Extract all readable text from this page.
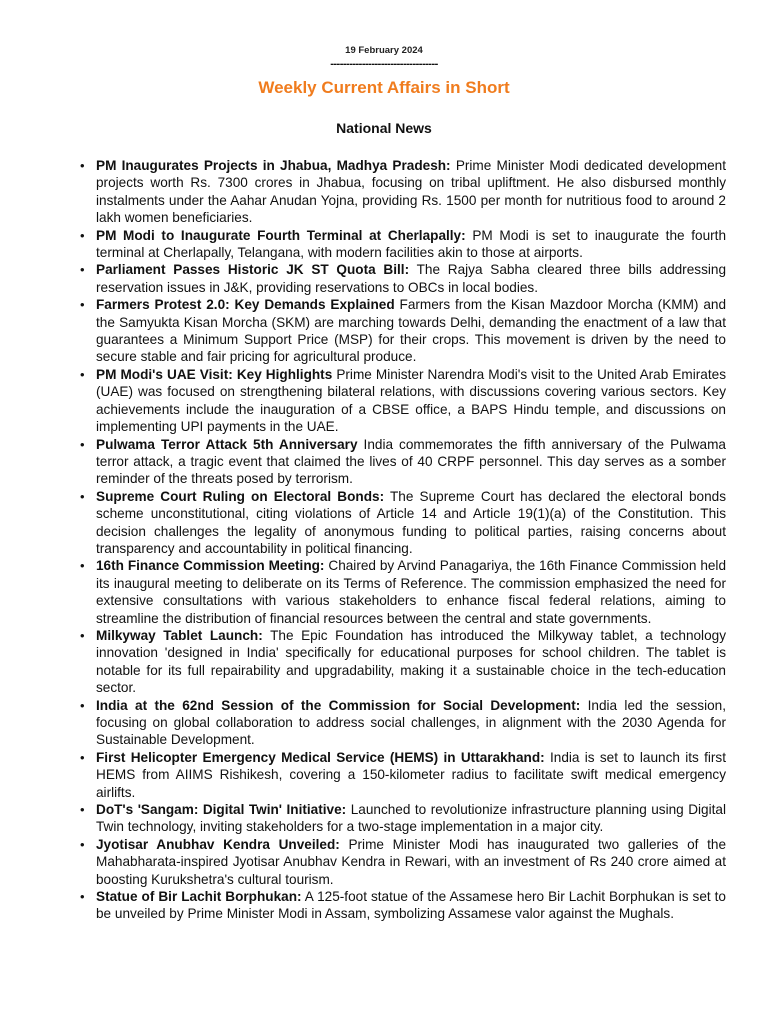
19 February 2024
----------------------------------
Weekly Current Affairs in Short
National News
• PM Inaugurates Projects in Jhabua, Madhya Pradesh: Prime Minister Modi dedicated development projects worth Rs. 7300 crores in Jhabua, focusing on tribal upliftment. He also disbursed monthly instalments under the Aahar Anudan Yojna, providing Rs. 1500 per month for nutritious food to around 2 lakh women beneficiaries.
• PM Modi to Inaugurate Fourth Terminal at Cherlapally: PM Modi is set to inaugurate the fourth terminal at Cherlapally, Telangana, with modern facilities akin to those at airports.
• Parliament Passes Historic JK ST Quota Bill: The Rajya Sabha cleared three bills addressing reservation issues in J&K, providing reservations to OBCs in local bodies.
• Farmers Protest 2.0: Key Demands Explained Farmers from the Kisan Mazdoor Morcha (KMM) and the Samyukta Kisan Morcha (SKM) are marching towards Delhi, demanding the enactment of a law that guarantees a Minimum Support Price (MSP) for their crops. This movement is driven by the need to secure stable and fair pricing for agricultural produce.
• PM Modi's UAE Visit: Key Highlights Prime Minister Narendra Modi's visit to the United Arab Emirates (UAE) was focused on strengthening bilateral relations, with discussions covering various sectors. Key achievements include the inauguration of a CBSE office, a BAPS Hindu temple, and discussions on implementing UPI payments in the UAE.
• Pulwama Terror Attack 5th Anniversary India commemorates the fifth anniversary of the Pulwama terror attack, a tragic event that claimed the lives of 40 CRPF personnel. This day serves as a somber reminder of the threats posed by terrorism.
• Supreme Court Ruling on Electoral Bonds: The Supreme Court has declared the electoral bonds scheme unconstitutional, citing violations of Article 14 and Article 19(1)(a) of the Constitution. This decision challenges the legality of anonymous funding to political parties, raising concerns about transparency and accountability in political financing.
• 16th Finance Commission Meeting: Chaired by Arvind Panagariya, the 16th Finance Commission held its inaugural meeting to deliberate on its Terms of Reference. The commission emphasized the need for extensive consultations with various stakeholders to enhance fiscal federal relations, aiming to streamline the distribution of financial resources between the central and state governments.
• Milkyway Tablet Launch: The Epic Foundation has introduced the Milkyway tablet, a technology innovation 'designed in India' specifically for educational purposes for school children. The tablet is notable for its full repairability and upgradability, making it a sustainable choice in the tech-education sector.
• India at the 62nd Session of the Commission for Social Development: India led the session, focusing on global collaboration to address social challenges, in alignment with the 2030 Agenda for Sustainable Development.
• First Helicopter Emergency Medical Service (HEMS) in Uttarakhand: India is set to launch its first HEMS from AIIMS Rishikesh, covering a 150-kilometer radius to facilitate swift medical emergency airlifts.
• DoT's 'Sangam: Digital Twin' Initiative: Launched to revolutionize infrastructure planning using Digital Twin technology, inviting stakeholders for a two-stage implementation in a major city.
• Jyotisar Anubhav Kendra Unveiled: Prime Minister Modi has inaugurated two galleries of the Mahabharata-inspired Jyotisar Anubhav Kendra in Rewari, with an investment of Rs 240 crore aimed at boosting Kurukshetra's cultural tourism.
• Statue of Bir Lachit Borphukan: A 125-foot statue of the Assamese hero Bir Lachit Borphukan is set to be unveiled by Prime Minister Modi in Assam, symbolizing Assamese valor against the Mughals.
